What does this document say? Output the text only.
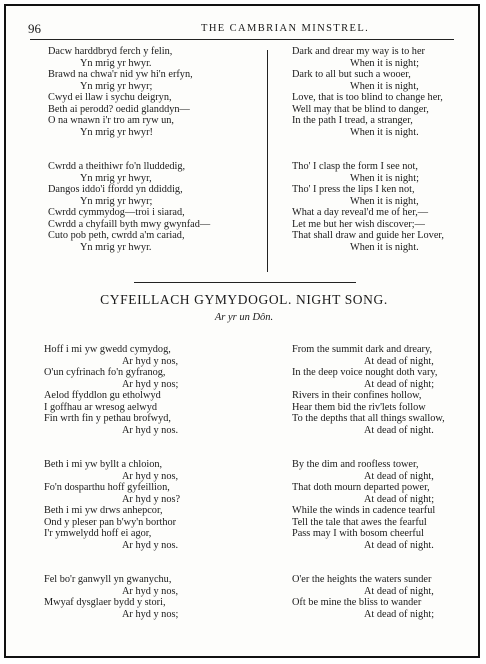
96	THE CAMBRIAN MINSTREL.
Dacw harddbryd ferch y felin,
Yn mrig yr hwyr.
Brawd na chwa'r nid yw hi'n erfyn,
Yn mrig yr hwyr;
Cwyd ei llaw i sychu deigryn,
Beth ai perodd? oedid glanddyn—
O na wnawn i'r tro am ryw un,
Yn mrig yr hwyr!
Cwrdd a theithiwr fo'n lluddedig,
Yn mrig yr hwyr,
Dangos iddo'i ffordd yn ddiddig,
Yn mrig yr hwyr;
Cwrdd cymmydog—troi i siarad,
Cwrdd a chyfaill byth mwy gwynfad—
Cuto pob peth, cwrdd a'm cariad,
Yn mrig yr hwyr.
Dark and drear my way is to her
When it is night;
Dark to all but such a wooer,
When it is night,
Love, that is too blind to change her,
Well may that be blind to danger,
In the path I tread, a stranger,
When it is night.
Tho' I clasp the form I see not,
When it is night;
Tho' I press the lips I ken not,
When it is night,
What a day reveal'd me of her,—
Let me but her wish discover;—
That shall draw and guide her Lover,
When it is night.
CYFEILLACH GYMYDOGOL. NIGHT SONG.
Ar yr un Dôn.
Hoff i mi yw gwedd cymydog,
Ar hyd y nos,
O'un cyfrinach fo'n gyfranog,
Ar hyd y nos;
Aelod ffyddlon gu etholwyd
I goffhau ar wresog aelwyd
Fin wrth fin y pethau brofwyd,
Ar hyd y nos.
Beth i mi yw byllt a chloion,
Ar hyd y nos,
Fo'n dosparthu hoff gyfeillion,
Ar hyd y nos?
Beth i mi yw drws anhepcor,
Ond y pleser pan b'wy'n borthor
I'r ymwelydd hoff ei agor,
Ar hyd y nos.
Fel bo'r ganwyll yn gwanychu,
Ar hyd y nos,
Mwyaf dysglaer bydd y stori,
Ar hyd y nos;
From the summit dark and dreary,
At dead of night,
In the deep voice nought doth vary,
At dead of night;
Rivers in their confines hollow,
Hear them bid the riv'lets follow
To the depths that all things swallow,
At dead of night.
By the dim and roofless tower,
At dead of night,
That doth mourn departed power,
At dead of night;
While the winds in cadence tearful
Tell the tale that awes the fearful
Pass may I with bosom cheerful
At dead of night.
O'er the heights the waters sunder
At dead of night,
Oft be mine the bliss to wander
At dead of night;
